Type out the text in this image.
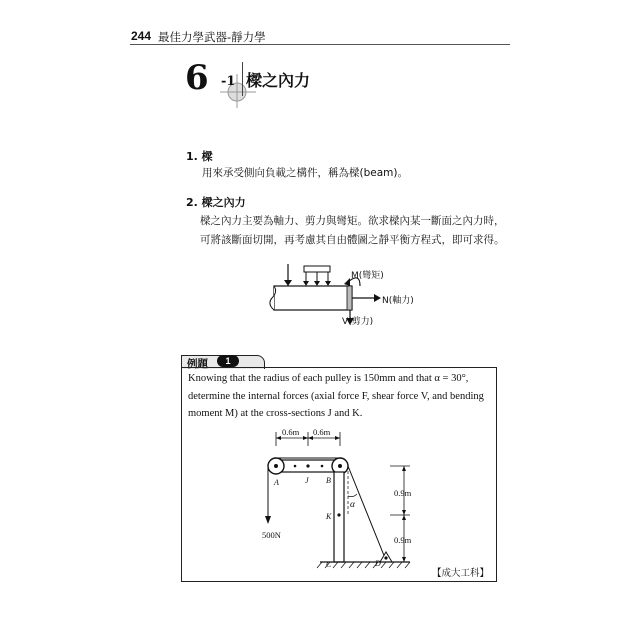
244 最佳力學武器-靜力學
6 -1 樑之內力
1. 樑
用來承受側向負載之構件，稱為樑(beam)。
2. 樑之內力
樑之內力主要為軸力、剪力與彎矩。欲求樑內某一斷面之內力時，
可將該斷面切開，再考慮其自由體圖之靜平衡方程式，即可求得。
M(彎矩)
N(軸力)
V(剪力)
例題	1
Knowing that the radius of each pulley is 150mm and that α = 30°,
determine the internal forces (axial force F, shear force V, and bending
moment M) at the cross-sections J and K.
0.6m 0.6m
0.9m
0.9m
500N
α
A	J B
K
C	D
【成大工科】
